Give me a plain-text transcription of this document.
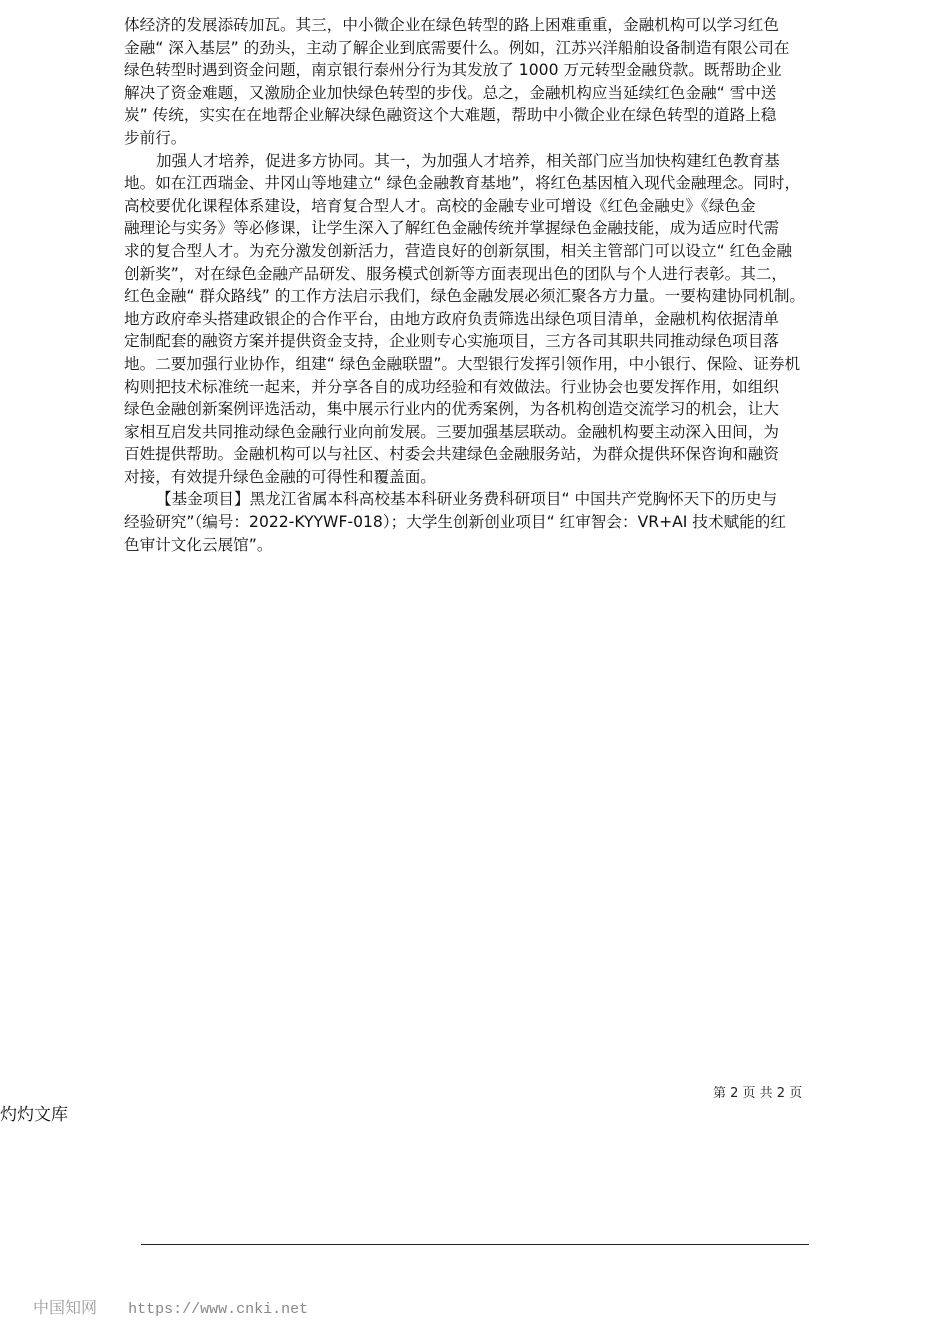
体经济的发展添砖加瓦。其三，中小微企业在绿色转型的路上困难重重，金融机构可以学习红色
金融“ 深入基层” 的劲头，主动了解企业到底需要什么。例如，江苏兴洋船舶设备制造有限公司在
绿色转型时遇到资金问题，南京银行泰州分行为其发放了 1000 万元转型金融贷款。既帮助企业
解决了资金难题，又激励企业加快绿色转型的步伐。总之，金融机构应当延续红色金融“ 雪中送
炭” 传统，实实在在地帮企业解决绿色融资这个大难题，帮助中小微企业在绿色转型的道路上稳
步前行。
加强人才培养，促进多方协同。其一，为加强人才培养，相关部门应当加快构建红色教育基
地。如在江西瑞金、井冈山等地建立“ 绿色金融教育基地”，将红色基因植入现代金融理念。同时，
高校要优化课程体系建设，培育复合型人才。高校的金融专业可增设《红色金融史》《绿色金
融理论与实务》等必修课，让学生深入了解红色金融传统并掌握绿色金融技能，成为适应时代需
求的复合型人才。为充分激发创新活力，营造良好的创新氛围，相关主管部门可以设立“ 红色金融
创新奖”，对在绿色金融产品研发、服务模式创新等方面表现出色的团队与个人进行表彰。其二，
红色金融“ 群众路线” 的工作方法启示我们，绿色金融发展必须汇聚各方力量。一要构建协同机制。
地方政府牵头搭建政银企的合作平台，由地方政府负责筛选出绿色项目清单，金融机构依据清单
定制配套的融资方案并提供资金支持，企业则专心实施项目，三方各司其职共同推动绿色项目落
地。二要加强行业协作，组建“ 绿色金融联盟”。大型银行发挥引领作用，中小银行、保险、证券机
构则把技术标准统一起来，并分享各自的成功经验和有效做法。行业协会也要发挥作用，如组织
绿色金融创新案例评选活动，集中展示行业内的优秀案例，为各机构创造交流学习的机会，让大
家相互启发共同推动绿色金融行业向前发展。三要加强基层联动。金融机构要主动深入田间，为
百姓提供帮助。金融机构可以与社区、村委会共建绿色金融服务站，为群众提供环保咨询和融资
对接，有效提升绿色金融的可得性和覆盖面。
【基金项目】黑龙江省属本科高校基本科研业务费科研项目“ 中国共产党胸怀天下的历史与
经验研究”（编号：2022-KYYWF-018）；大学生创新创业项目“ 红审智会：VR+AI 技术赋能的红
色审计文化云展馆”。
第 2 页 共 2 页
灼灼文库
中国知网 https://www.cnki.net
